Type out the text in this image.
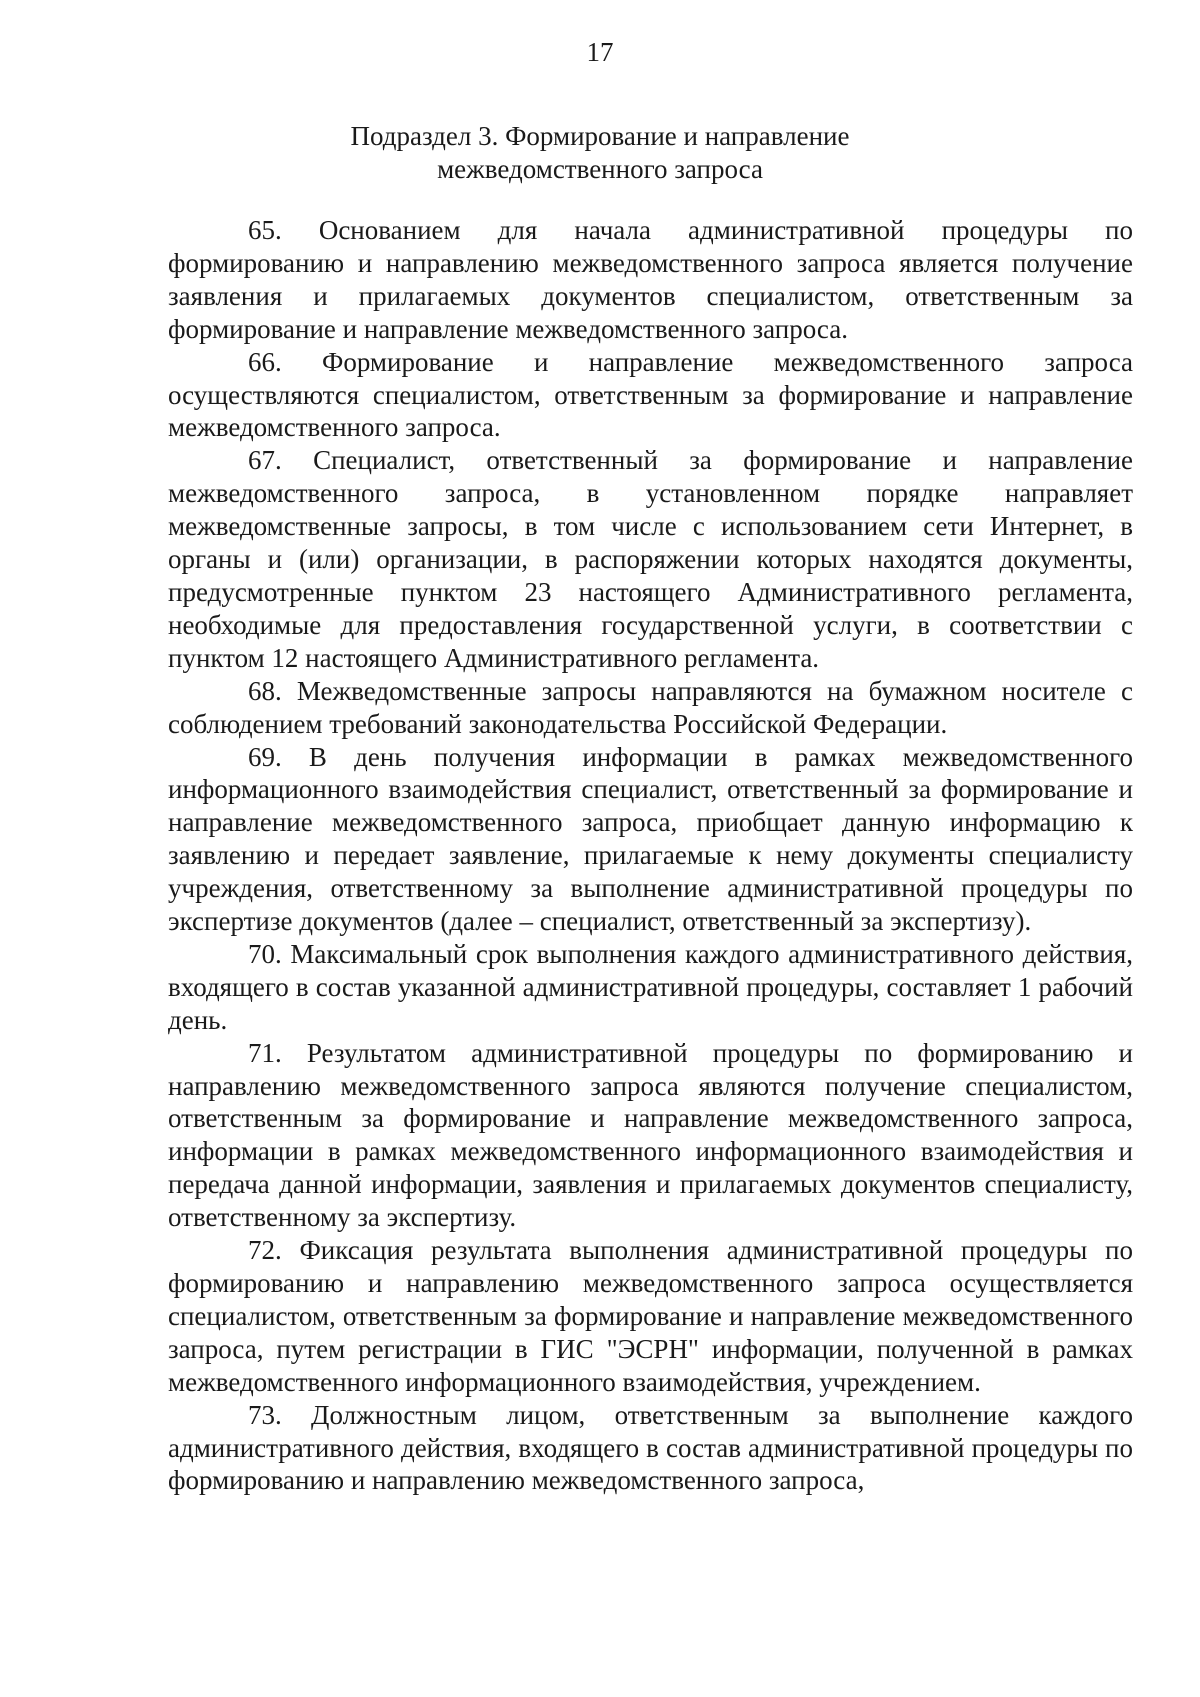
17
Подраздел 3. Формирование и направление
межведомственного запроса

65. Основанием для начала административной процедуры по формированию и направлению межведомственного запроса является получение заявления и прилагаемых документов специалистом, ответственным за формирование и направление межведомственного запроса.

66. Формирование и направление межведомственного запроса осуществляются специалистом, ответственным за формирование и направление межведомственного запроса.

67. Специалист, ответственный за формирование и направление межведомственного запроса, в установленном порядке направляет межведомственные запросы, в том числе с использованием сети Интернет, в органы и (или) организации, в распоряжении которых находятся документы, предусмотренные пунктом 23 настоящего Административного регламента, необходимые для предоставления государственной услуги, в соответствии с пунктом 12 настоящего Административного регламента.

68. Межведомственные запросы направляются на бумажном носителе с соблюдением требований законодательства Российской Федерации.

69. В день получения информации в рамках межведомственного информационного взаимодействия специалист, ответственный за формирование и направление межведомственного запроса, приобщает данную информацию к заявлению и передает заявление, прилагаемые к нему документы специалисту учреждения, ответственному за выполнение административной процедуры по экспертизе документов (далее – специалист, ответственный за экспертизу).

70. Максимальный срок выполнения каждого административного действия, входящего в состав указанной административной процедуры, составляет 1 рабочий день.

71. Результатом административной процедуры по формированию и направлению межведомственного запроса являются получение специалистом, ответственным за формирование и направление межведомственного запроса, информации в рамках межведомственного информационного взаимодействия и передача данной информации, заявления и прилагаемых документов специалисту, ответственному за экспертизу.

72. Фиксация результата выполнения административной процедуры по формированию и направлению межведомственного запроса осуществляется специалистом, ответственным за формирование и направление межведомственного запроса, путем регистрации в ГИС "ЭСРН" информации, полученной в рамках межведомственного информационного взаимодействия, учреждением.

73. Должностным лицом, ответственным за выполнение каждого административного действия, входящего в состав административной процедуры по формированию и направлению межведомственного запроса,
